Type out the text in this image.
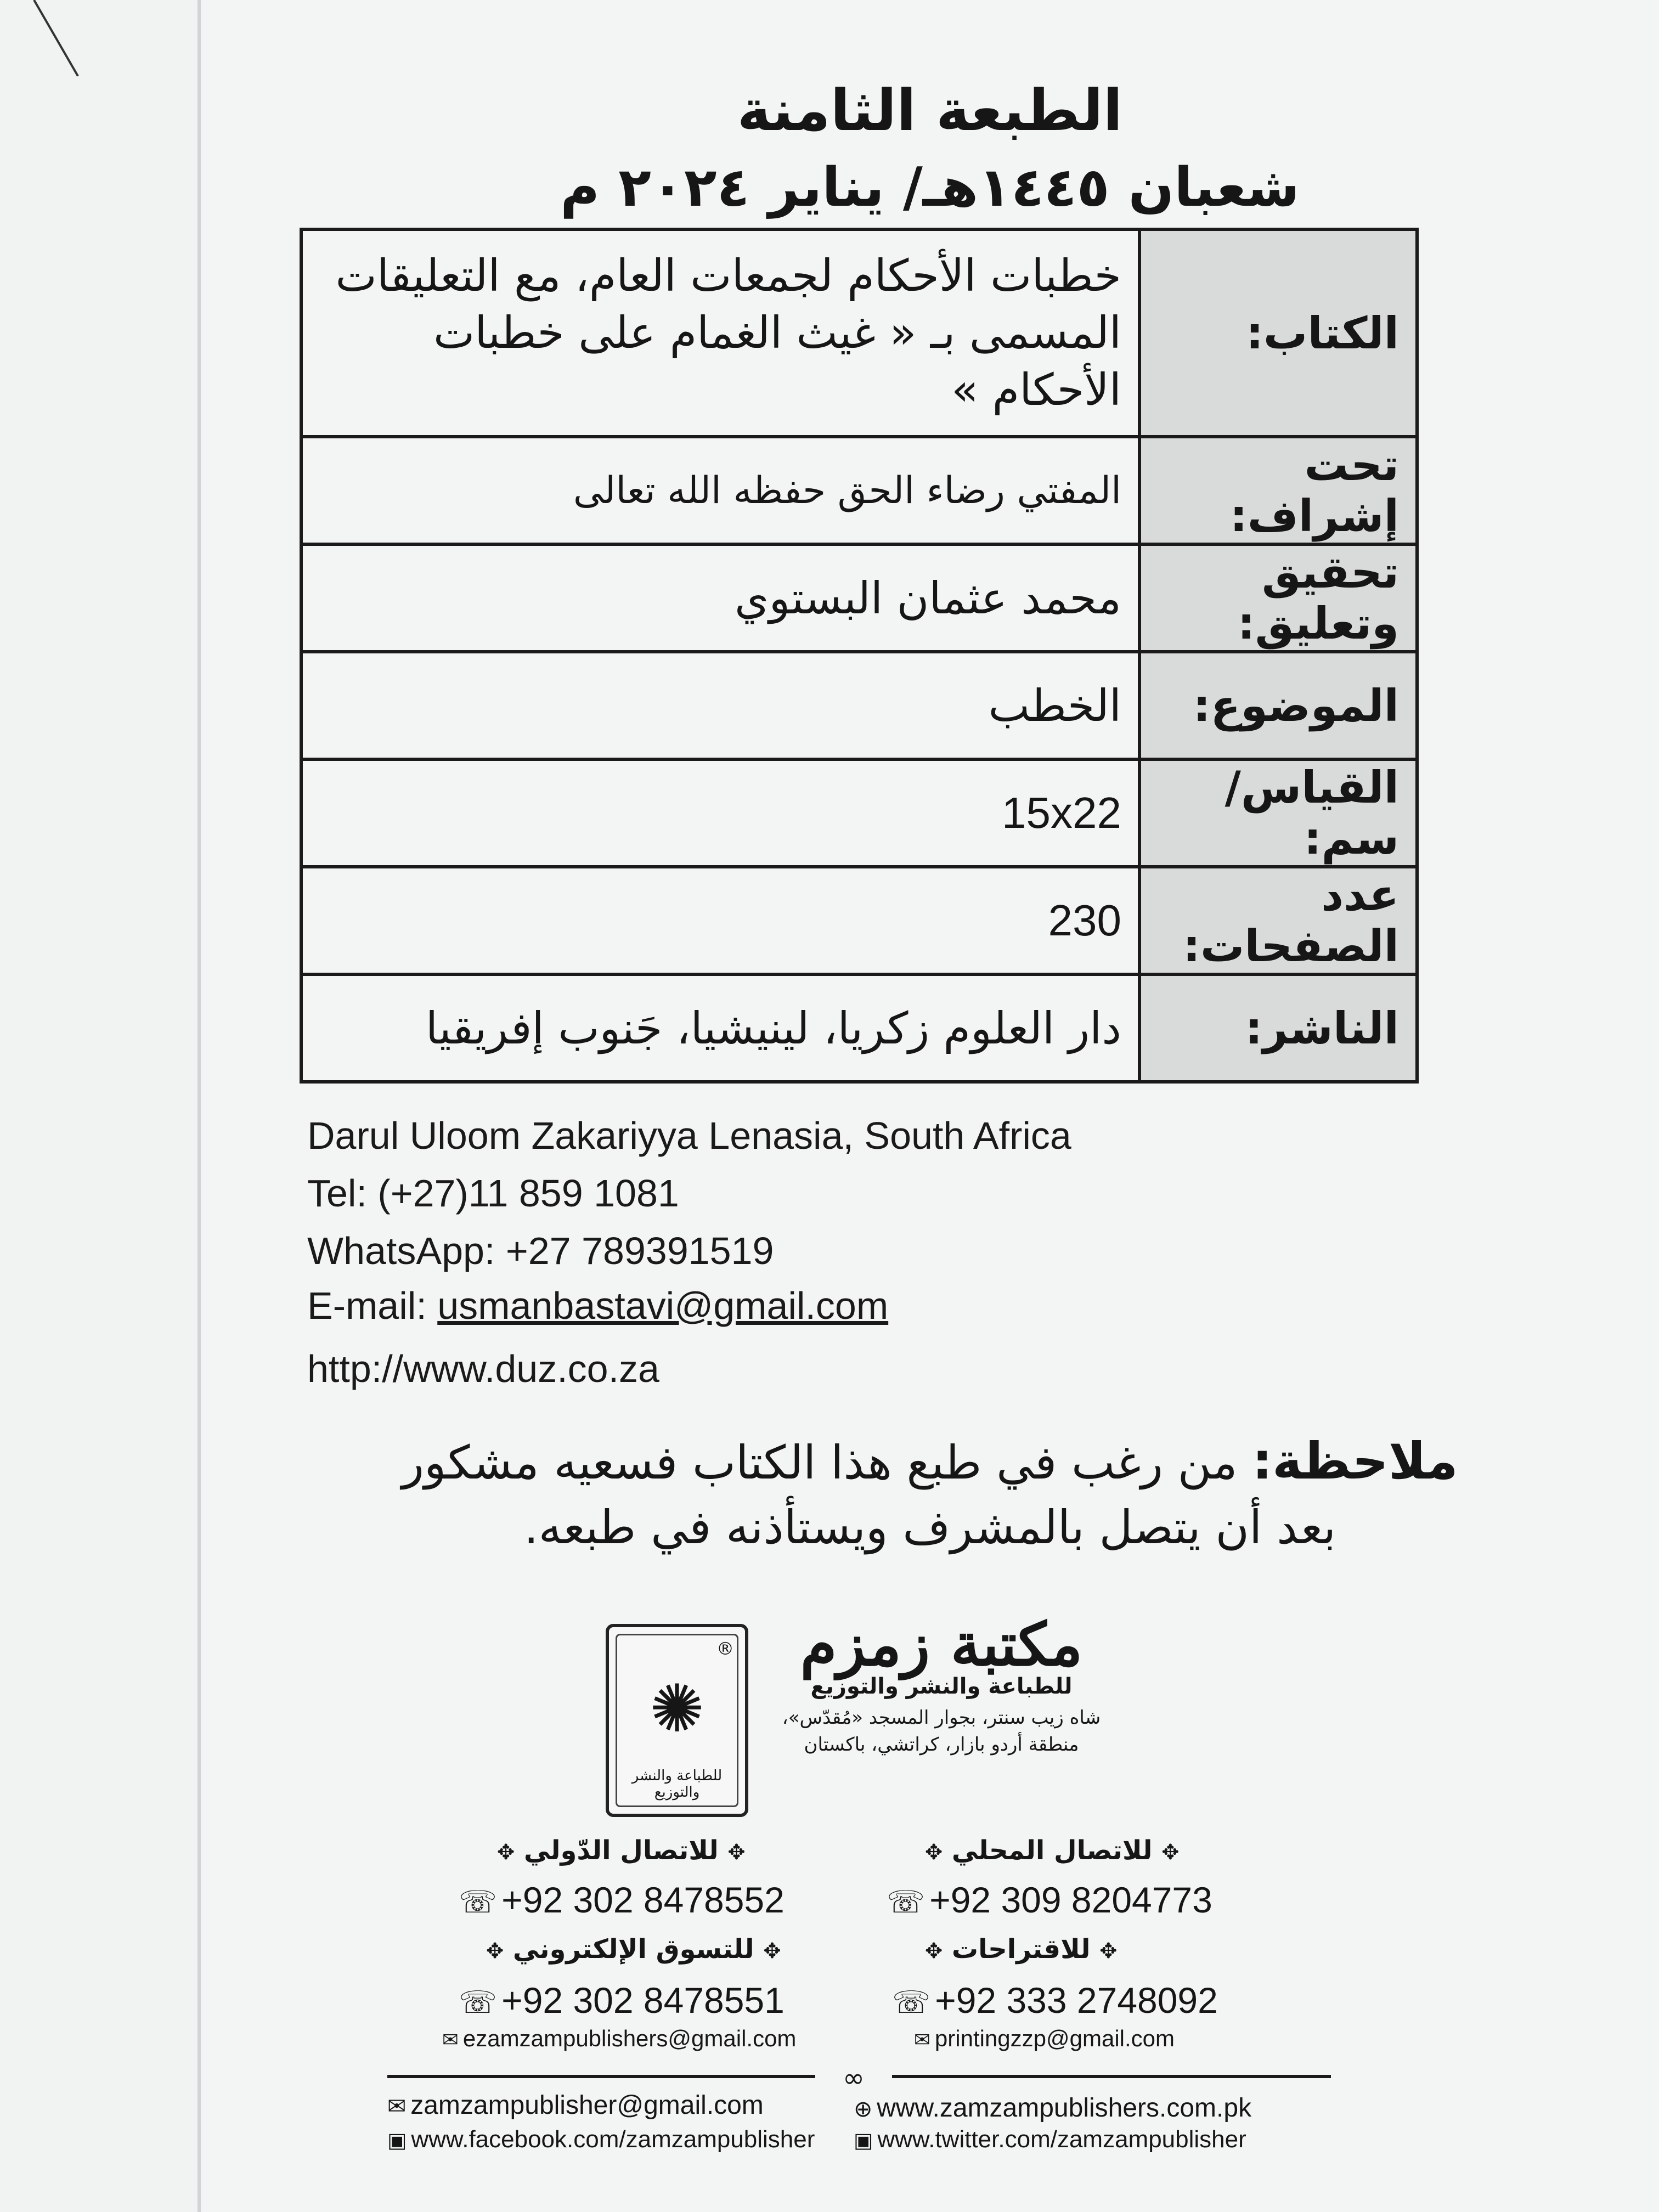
الطبعة الثامنة
شعبان ١٤٤٥هـ/ يناير ٢٠٢٤ م
الكتاب:	خطبات الأحكام لجمعات العام، مع التعليقات المسمى بـ « غيث الغمام على خطبات الأحكام »
تحت إشراف:	المفتي رضاء الحق حفظه الله تعالى
تحقيق وتعليق:	محمد عثمان البستوي
الموضوع:	الخطب
القياس/سم:	15x22
عدد الصفحات:	230
الناشر:	دار العلوم زكريا، لينيشيا، جَنوب إفريقيا
Darul Uloom Zakariyya Lenasia, South Africa
Tel: (+27)11 859 1081
WhatsApp: +27 789391519
E-mail: usmanbastavi@gmail.com
http://www.duz.co.za
ملاحظة: من رغب في طبع هذا الكتاب فسعيه مشكور
بعد أن يتصل بالمشرف ويستأذنه في طبعه.
®
✺
للطباعة والنشر والتوزيع
مكتبة زمزم
للطباعة والنشر والتوزيع
شاه زيب سنتر، بجوار المسجد «مُقدّس»،
منطقة أردو بازار، كراتشي، باكستان
✥ للاتصال الدّولي ✥
☏ +92 302 8478552
✥ للاتصال المحلي ✥
☏ +92 309 8204773
✥ للتسوق الإلكتروني ✥
☏ +92 302 8478551
✉ ezamzampublishers@gmail.com
✥ للاقتراحات ✥
☏ +92 333 2748092
✉ printingzzp@gmail.com
∞
✉ zamzampublisher@gmail.com	⊕ www.zamzampublishers.com.pk
▣ www.facebook.com/zamzampublisher ▣ www.twitter.com/zamzampublisher
